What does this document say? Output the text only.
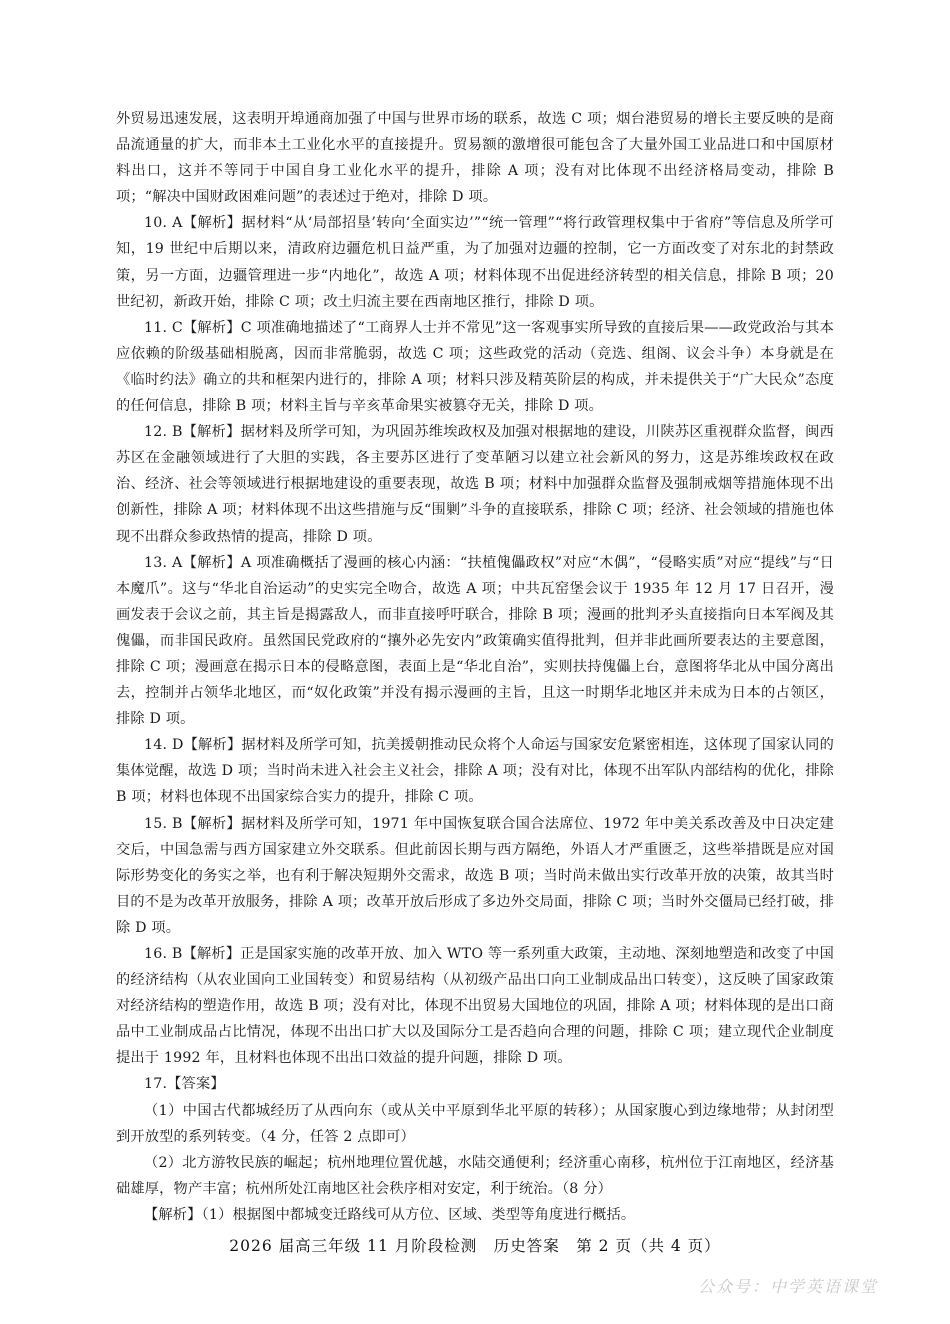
外贸易迅速发展，这表明开埠通商加强了中国与世界市场的联系，故选 C 项；烟台港贸易的增长主要反映的是商品流通量的扩大，而非本土工业化水平的直接提升。贸易额的激增很可能包含了大量外国工业品进口和中国原材料出口，这并不等同于中国自身工业化水平的提升，排除 A 项；没有对比体现不出经济格局变动，排除 B 项；“解决中国财政困难问题”的表述过于绝对，排除 D 项。

10. A【解析】据材料“从‘局部招垦’转向‘全面实边’”“统一管理”“将行政管理权集中于省府”等信息及所学可知，19 世纪中后期以来，清政府边疆危机日益严重，为了加强对边疆的控制，它一方面改变了对东北的封禁政策，另一方面，边疆管理进一步“内地化”，故选 A 项；材料体现不出促进经济转型的相关信息，排除 B 项；20 世纪初，新政开始，排除 C 项；改土归流主要在西南地区推行，排除 D 项。

11. C【解析】C 项准确地描述了“工商界人士并不常见”这一客观事实所导致的直接后果——政党政治与其本应依赖的阶级基础相脱离，因而非常脆弱，故选 C 项；这些政党的活动（竞选、组阁、议会斗争）本身就是在《临时约法》确立的共和框架内进行的，排除 A 项；材料只涉及精英阶层的构成，并未提供关于“广大民众”态度的任何信息，排除 B 项；材料主旨与辛亥革命果实被篡夺无关，排除 D 项。

12. B【解析】据材料及所学可知，为巩固苏维埃政权及加强对根据地的建设，川陕苏区重视群众监督，闽西苏区在金融领域进行了大胆的实践，各主要苏区进行了变革陋习以建立社会新风的努力，这是苏维埃政权在政治、经济、社会等领域进行根据地建设的重要表现，故选 B 项；材料中加强群众监督及强制戒烟等措施体现不出创新性，排除 A 项；材料体现不出这些措施与反“围剿”斗争的直接联系，排除 C 项；经济、社会领域的措施也体现不出群众参政热情的提高，排除 D 项。

13. A【解析】A 项准确概括了漫画的核心内涵：“扶植傀儡政权”对应“木偶”，“侵略实质”对应“提线”与“日本魔爪”。这与“华北自治运动”的史实完全吻合，故选 A 项；中共瓦窑堡会议于 1935 年 12 月 17 日召开，漫画发表于会议之前，其主旨是揭露敌人，而非直接呼吁联合，排除 B 项；漫画的批判矛头直接指向日本军阀及其傀儡，而非国民政府。虽然国民党政府的“攘外必先安内”政策确实值得批判，但并非此画所要表达的主要意图，排除 C 项；漫画意在揭示日本的侵略意图，表面上是“华北自治”，实则扶持傀儡上台，意图将华北从中国分离出去，控制并占领华北地区，而“奴化政策”并没有揭示漫画的主旨，且这一时期华北地区并未成为日本的占领区，排除 D 项。

14. D【解析】据材料及所学可知，抗美援朝推动民众将个人命运与国家安危紧密相连，这体现了国家认同的集体觉醒，故选 D 项；当时尚未进入社会主义社会，排除 A 项；没有对比，体现不出军队内部结构的优化，排除 B 项；材料也体现不出国家综合实力的提升，排除 C 项。

15. B【解析】据材料及所学可知，1971 年中国恢复联合国合法席位、1972 年中美关系改善及中日决定建交后，中国急需与西方国家建立外交联系。但此前因长期与西方隔绝，外语人才严重匮乏，这些举措既是应对国际形势变化的务实之举，也有利于解决短期外交需求，故选 B 项；当时尚未做出实行改革开放的决策，故其当时目的不是为改革开放服务，排除 A 项；改革开放后形成了多边外交局面，排除 C 项；当时外交僵局已经打破，排除 D 项。

16. B【解析】正是国家实施的改革开放、加入 WTO 等一系列重大政策，主动地、深刻地塑造和改变了中国的经济结构（从农业国向工业国转变）和贸易结构（从初级产品出口向工业制成品出口转变），这反映了国家政策对经济结构的塑造作用，故选 B 项；没有对比，体现不出贸易大国地位的巩固，排除 A 项；材料体现的是出口商品中工业制成品占比情况，体现不出出口扩大以及国际分工是否趋向合理的问题，排除 C 项；建立现代企业制度提出于 1992 年，且材料也体现不出出口效益的提升问题，排除 D 项。

17.【答案】

（1）中国古代都城经历了从西向东（或从关中平原到华北平原的转移）；从国家腹心到边缘地带；从封闭型到开放型的系列转变。（4 分，任答 2 点即可）

（2）北方游牧民族的崛起；杭州地理位置优越，水陆交通便利；经济重心南移，杭州位于江南地区，经济基础雄厚，物产丰富；杭州所处江南地区社会秩序相对安定，利于统治。（8 分）

【解析】（1）根据图中都城变迁路线可从方位、区域、类型等角度进行概括。

2026 届高三年级 11 月阶段检测　历史答案　第 2 页（共 4 页）
公众号：中学英语课堂
